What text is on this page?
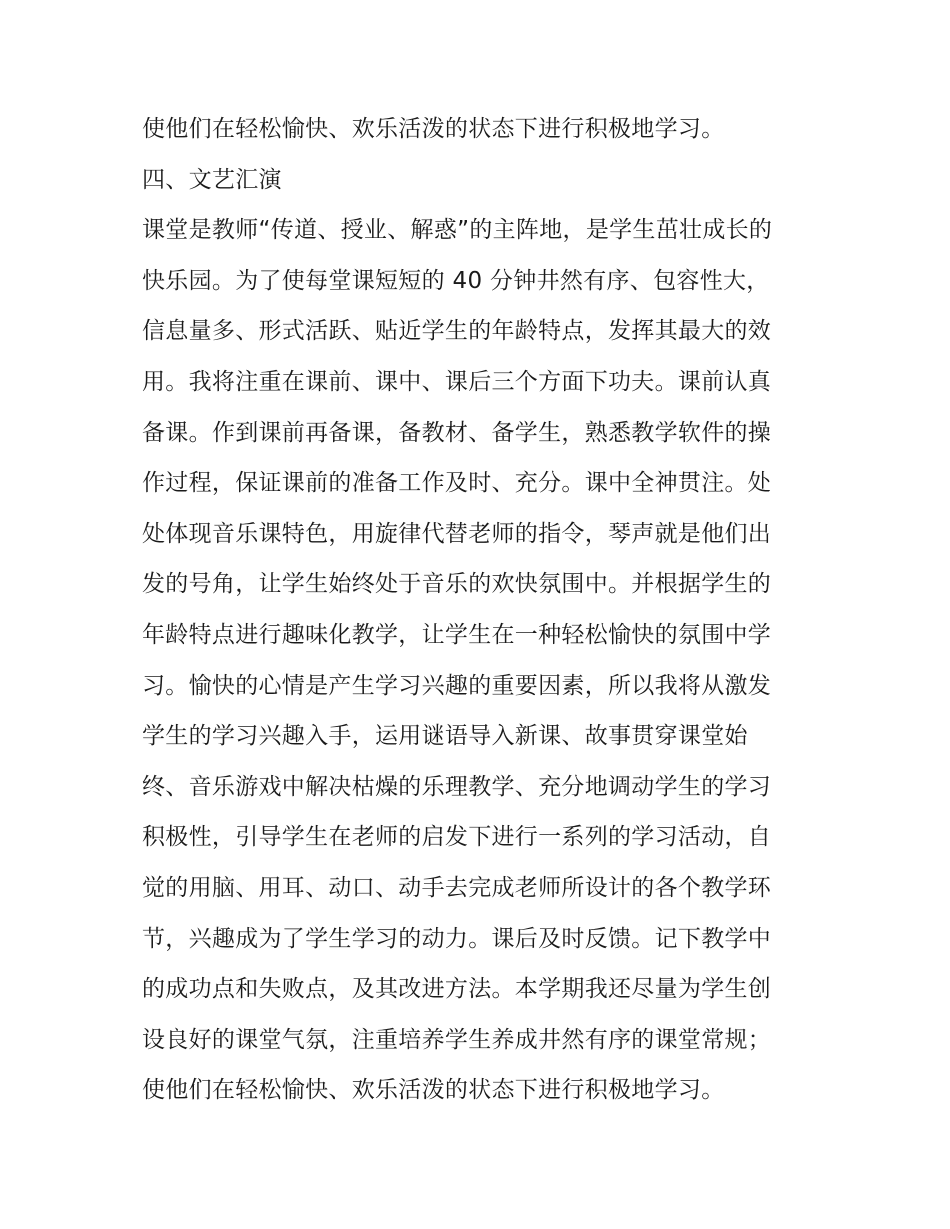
使他们在轻松愉快、欢乐活泼的状态下进行积极地学习。
四、文艺汇演
课堂是教师“传道、授业、解惑”的主阵地，是学生茁壮成长的
快乐园。为了使每堂课短短的 40 分钟井然有序、包容性大，
信息量多、形式活跃、贴近学生的年龄特点，发挥其最大的效
用。我将注重在课前、课中、课后三个方面下功夫。课前认真
备课。作到课前再备课，备教材、备学生，熟悉教学软件的操
作过程，保证课前的准备工作及时、充分。课中全神贯注。处
处体现音乐课特色，用旋律代替老师的指令，琴声就是他们出
发的号角，让学生始终处于音乐的欢快氛围中。并根据学生的
年龄特点进行趣味化教学，让学生在一种轻松愉快的氛围中学
习。愉快的心情是产生学习兴趣的重要因素，所以我将从激发
学生的学习兴趣入手，运用谜语导入新课、故事贯穿课堂始
终、音乐游戏中解决枯燥的乐理教学、充分地调动学生的学习
积极性，引导学生在老师的启发下进行一系列的学习活动，自
觉的用脑、用耳、动口、动手去完成老师所设计的各个教学环
节，兴趣成为了学生学习的动力。课后及时反馈。记下教学中
的成功点和失败点，及其改进方法。本学期我还尽量为学生创
设良好的课堂气氛，注重培养学生养成井然有序的课堂常规；
使他们在轻松愉快、欢乐活泼的状态下进行积极地学习。
